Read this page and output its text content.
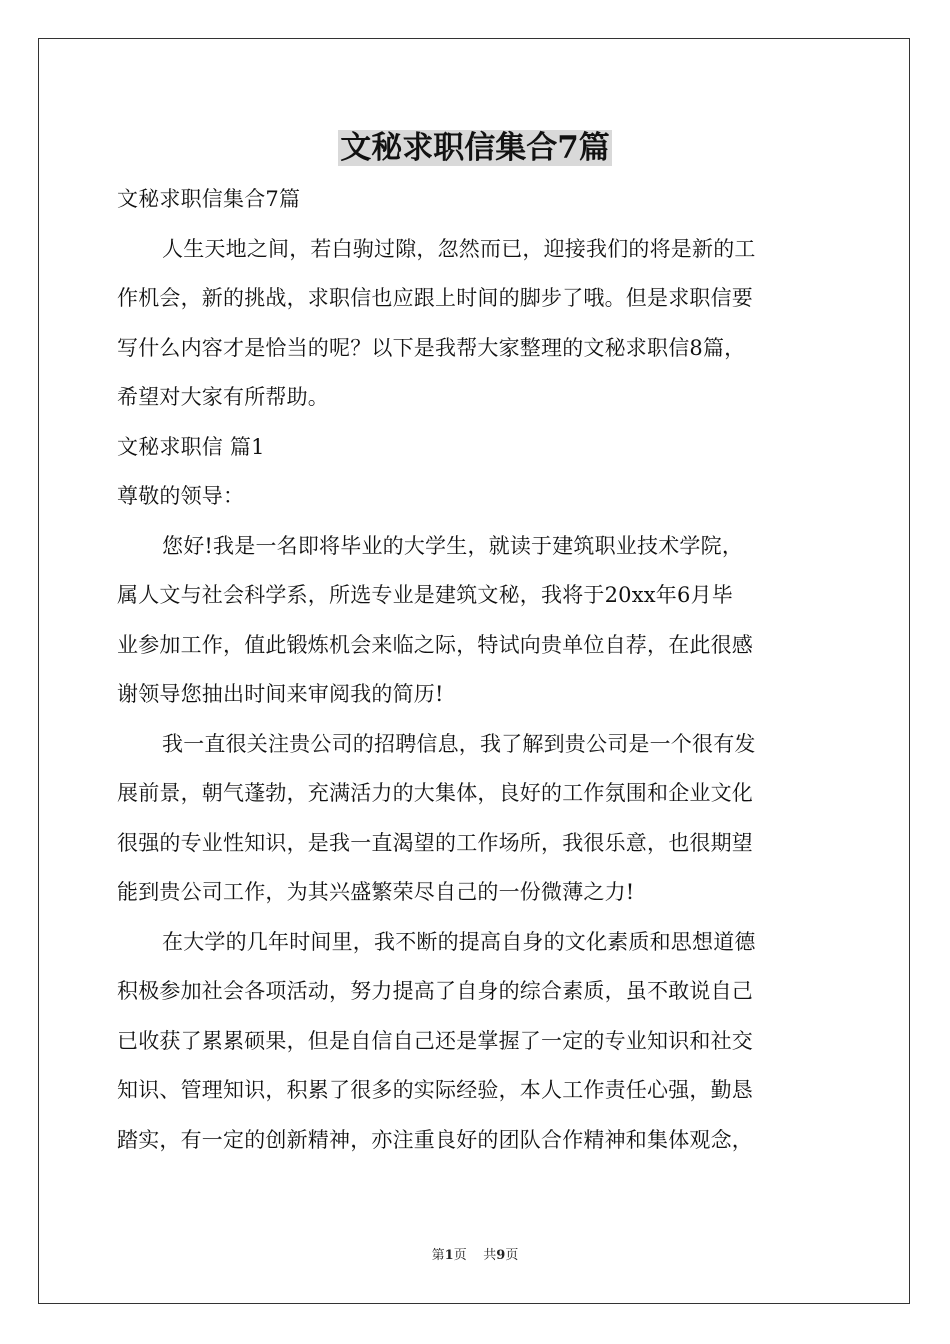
文秘求职信集合7篇
文秘求职信集合7篇
人生天地之间，若白驹过隙，忽然而已，迎接我们的将是新的工
作机会，新的挑战，求职信也应跟上时间的脚步了哦。但是求职信要
写什么内容才是恰当的呢？以下是我帮大家整理的文秘求职信8篇，
希望对大家有所帮助。
文秘求职信 篇1
尊敬的领导：
您好!我是一名即将毕业的大学生，就读于建筑职业技术学院，
属人文与社会科学系，所选专业是建筑文秘，我将于20xx年6月毕
业参加工作，值此锻炼机会来临之际，特试向贵单位自荐，在此很感
谢领导您抽出时间来审阅我的简历!
我一直很关注贵公司的招聘信息，我了解到贵公司是一个很有发
展前景，朝气蓬勃，充满活力的大集体，良好的工作氛围和企业文化
很强的专业性知识，是我一直渴望的工作场所，我很乐意，也很期望
能到贵公司工作，为其兴盛繁荣尽自己的一份微薄之力!
在大学的几年时间里，我不断的提高自身的文化素质和思想道德
积极参加社会各项活动，努力提高了自身的综合素质，虽不敢说自己
已收获了累累硕果，但是自信自己还是掌握了一定的专业知识和社交
知识、管理知识，积累了很多的实际经验，本人工作责任心强，勤恳
踏实，有一定的创新精神，亦注重良好的团队合作精神和集体观念，
第1页 共9页
